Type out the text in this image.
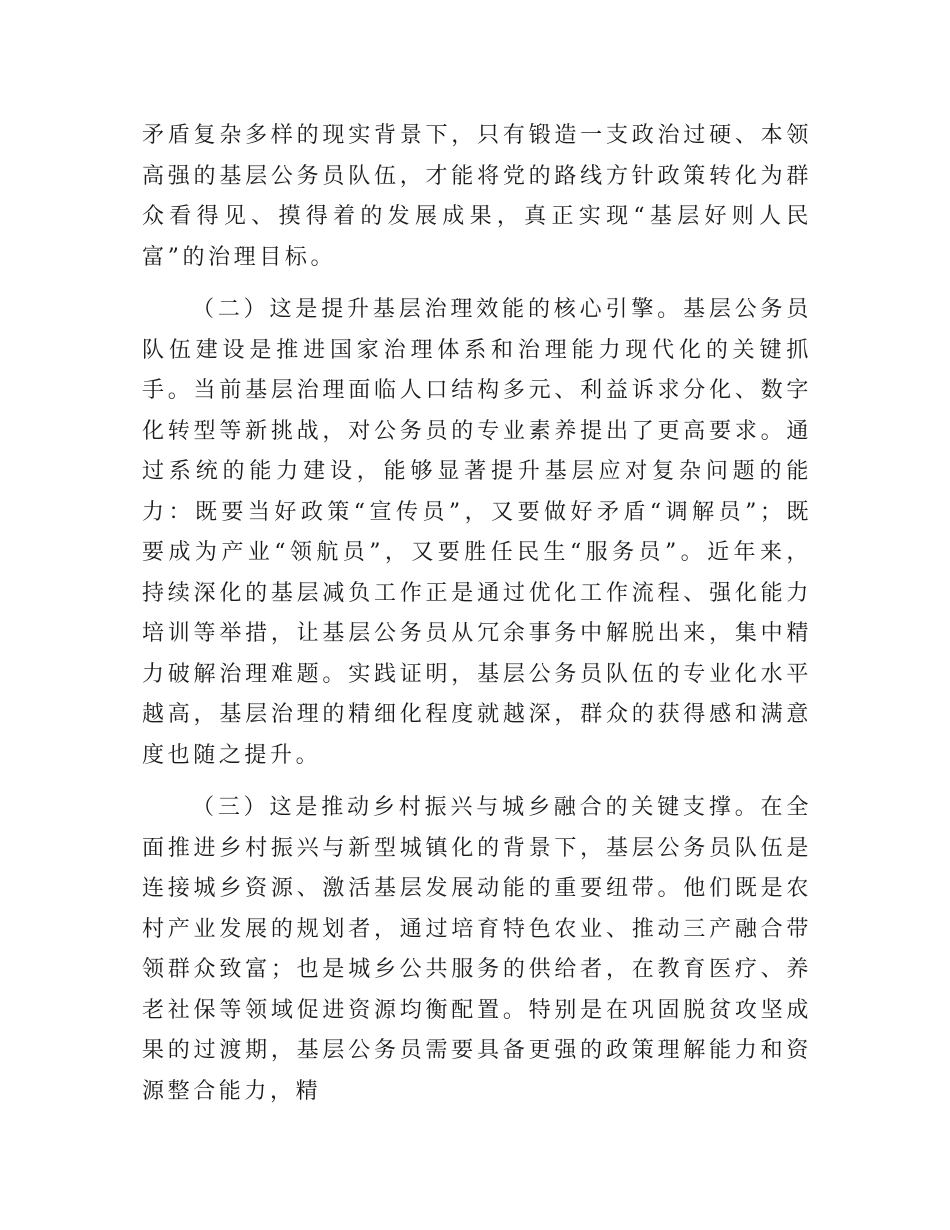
矛盾复杂多样的现实背景下，只有锻造一支政治过硬、本领高强的基层公务员队伍，才能将党的路线方针政策转化为群众看得见、摸得着的发展成果，真正实现“基层好则人民富”的治理目标。

（二）这是提升基层治理效能的核心引擎。基层公务员队伍建设是推进国家治理体系和治理能力现代化的关键抓手。当前基层治理面临人口结构多元、利益诉求分化、数字化转型等新挑战，对公务员的专业素养提出了更高要求。通过系统的能力建设，能够显著提升基层应对复杂问题的能力：既要当好政策“宣传员”，又要做好矛盾“调解员”；既要成为产业“领航员”，又要胜任民生“服务员”。近年来，持续深化的基层减负工作正是通过优化工作流程、强化能力培训等举措，让基层公务员从冗余事务中解脱出来，集中精力破解治理难题。实践证明，基层公务员队伍的专业化水平越高，基层治理的精细化程度就越深，群众的获得感和满意度也随之提升。

（三）这是推动乡村振兴与城乡融合的关键支撑。在全面推进乡村振兴与新型城镇化的背景下，基层公务员队伍是连接城乡资源、激活基层发展动能的重要纽带。他们既是农村产业发展的规划者，通过培育特色农业、推动三产融合带领群众致富；也是城乡公共服务的供给者，在教育医疗、养老社保等领域促进资源均衡配置。特别是在巩固脱贫攻坚成果的过渡期，基层公务员需要具备更强的政策理解能力和资源整合能力，精
